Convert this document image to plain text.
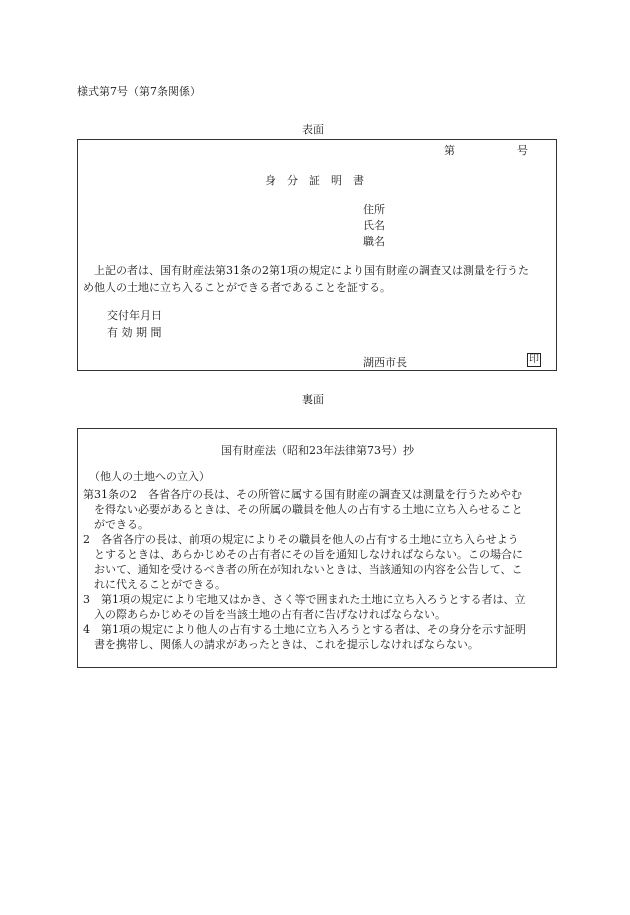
様式第7号（第7条関係）
表面
第	号
身　分　証　明　書
住所
氏名
職名
上記の者は、国有財産法第31条の2第1項の規定により国有財産の調査又は測量を行うた
め他人の土地に立ち入ることができる者であることを証する。
交付年月日
有 効 期 間
湖西市長	印
裏面
国有財産法（昭和23年法律第73号）抄
（他人の土地への立入）
第31条の2　各省各庁の長は、その所管に属する国有財産の調査又は測量を行うためやむ
　を得ない必要があるときは、その所属の職員を他人の占有する土地に立ち入らせること
　ができる。
2　各省各庁の長は、前項の規定によりその職員を他人の占有する土地に立ち入らせよう
　とするときは、あらかじめその占有者にその旨を通知しなければならない。この場合に
　おいて、通知を受けるべき者の所在が知れないときは、当該通知の内容を公告して、こ
　れに代えることができる。
3　第1項の規定により宅地又はかき、さく等で囲まれた土地に立ち入ろうとする者は、立
　入の際あらかじめその旨を当該土地の占有者に告げなければならない。
4　第1項の規定により他人の占有する土地に立ち入ろうとする者は、その身分を示す証明
　書を携帯し、関係人の請求があったときは、これを提示しなければならない。
